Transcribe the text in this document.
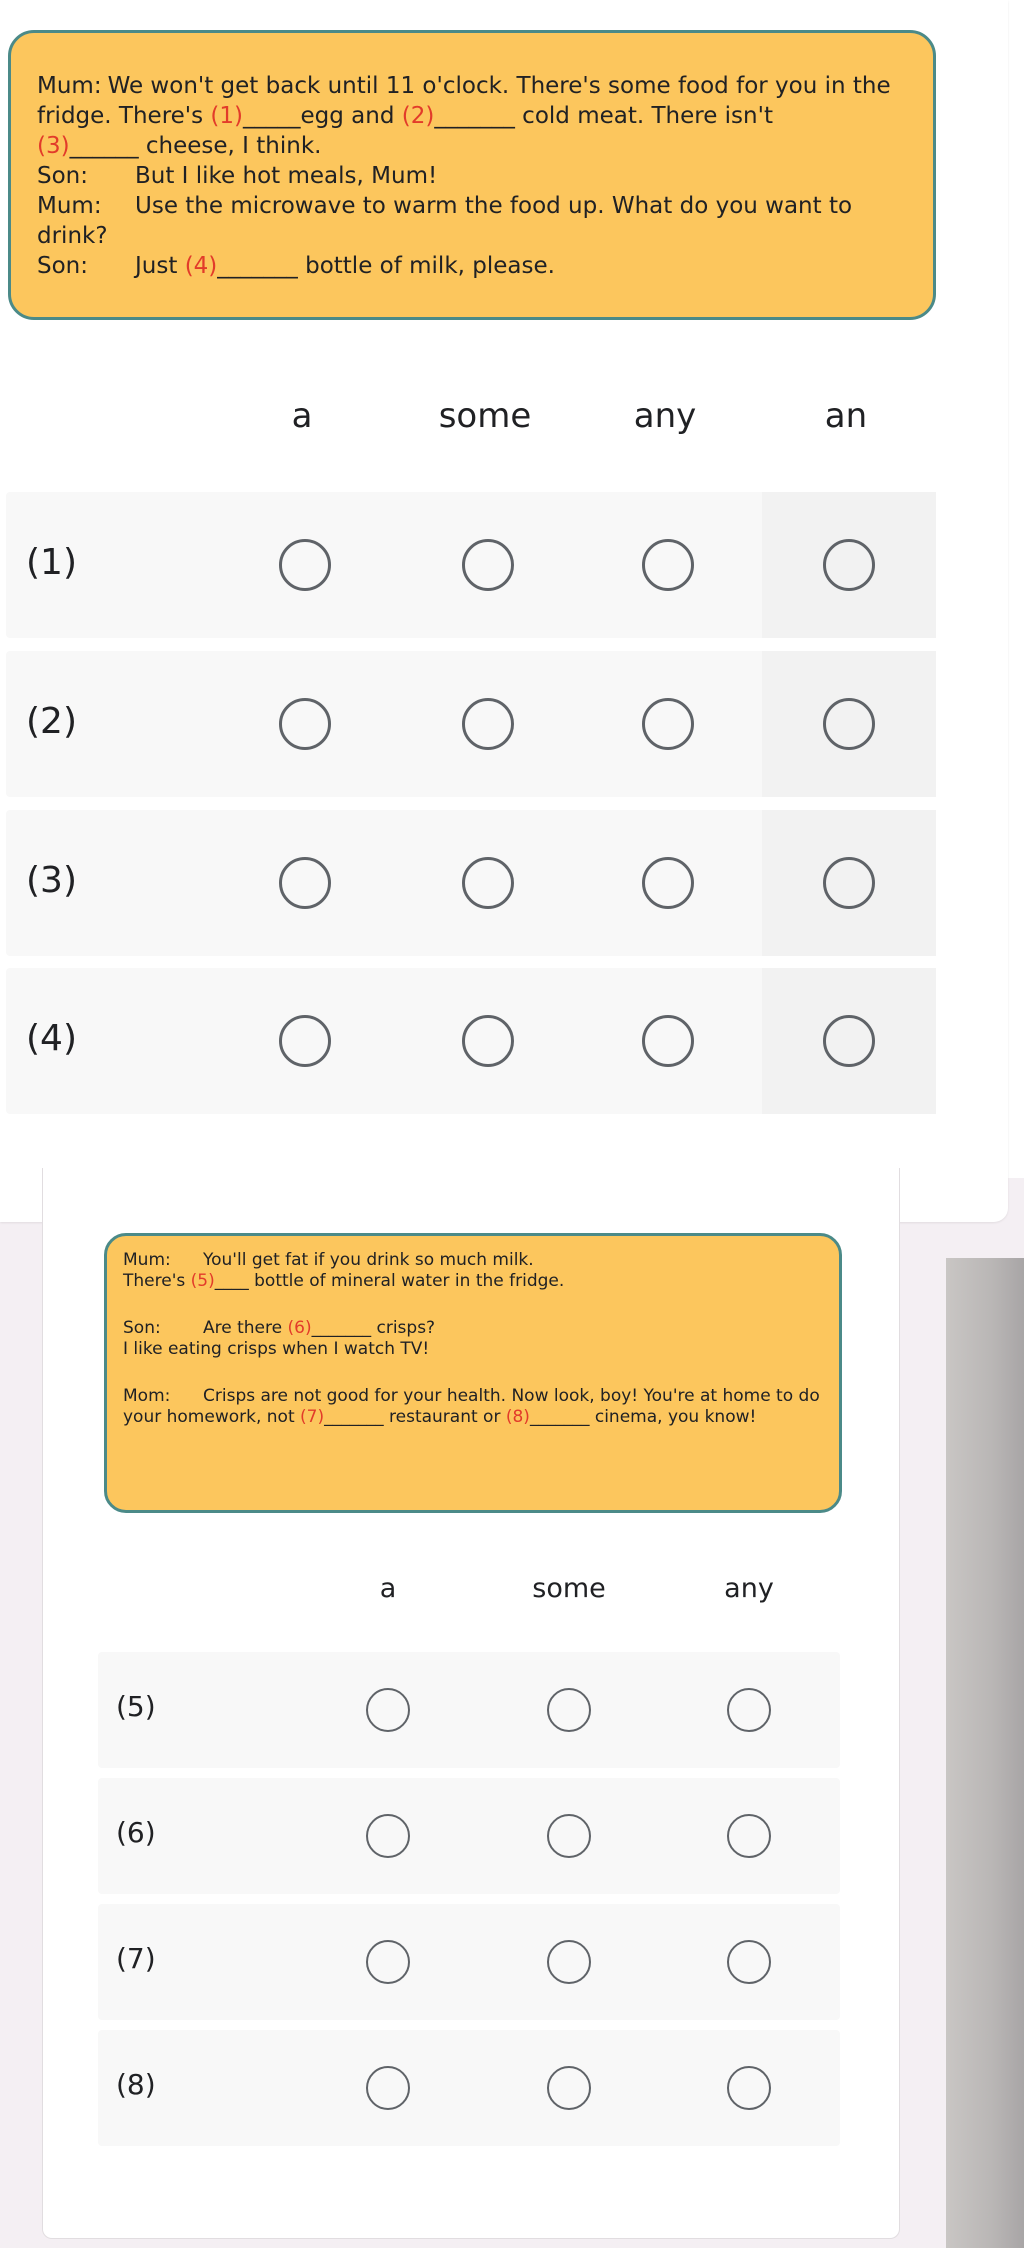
Mum: We won't get back until 11 o'clock. There's some food for you in the fridge. There's (1)_____egg and (2)_______ cold meat. There isn't
(3)______ cheese, I think.

Son: But I like hot meals, Mum!

Mum: Use the microwave to warm the food up. What do you want to drink?

Son: Just (4)_______ bottle of milk, please.

a	some	any	an
(1)
(2)
(3)
(4)

Mum: You'll get fat if you drink so much milk.
There's (5)____ bottle of mineral water in the fridge.

Son: Are there (6)_______ crisps?
I like eating crisps when I watch TV!

Mom: Crisps are not good for your health. Now look, boy! You're at home to do your homework, not (7)_______ restaurant or (8)_______ cinema, you know!

a	some	any
(5)
(6)
(7)
(8)
